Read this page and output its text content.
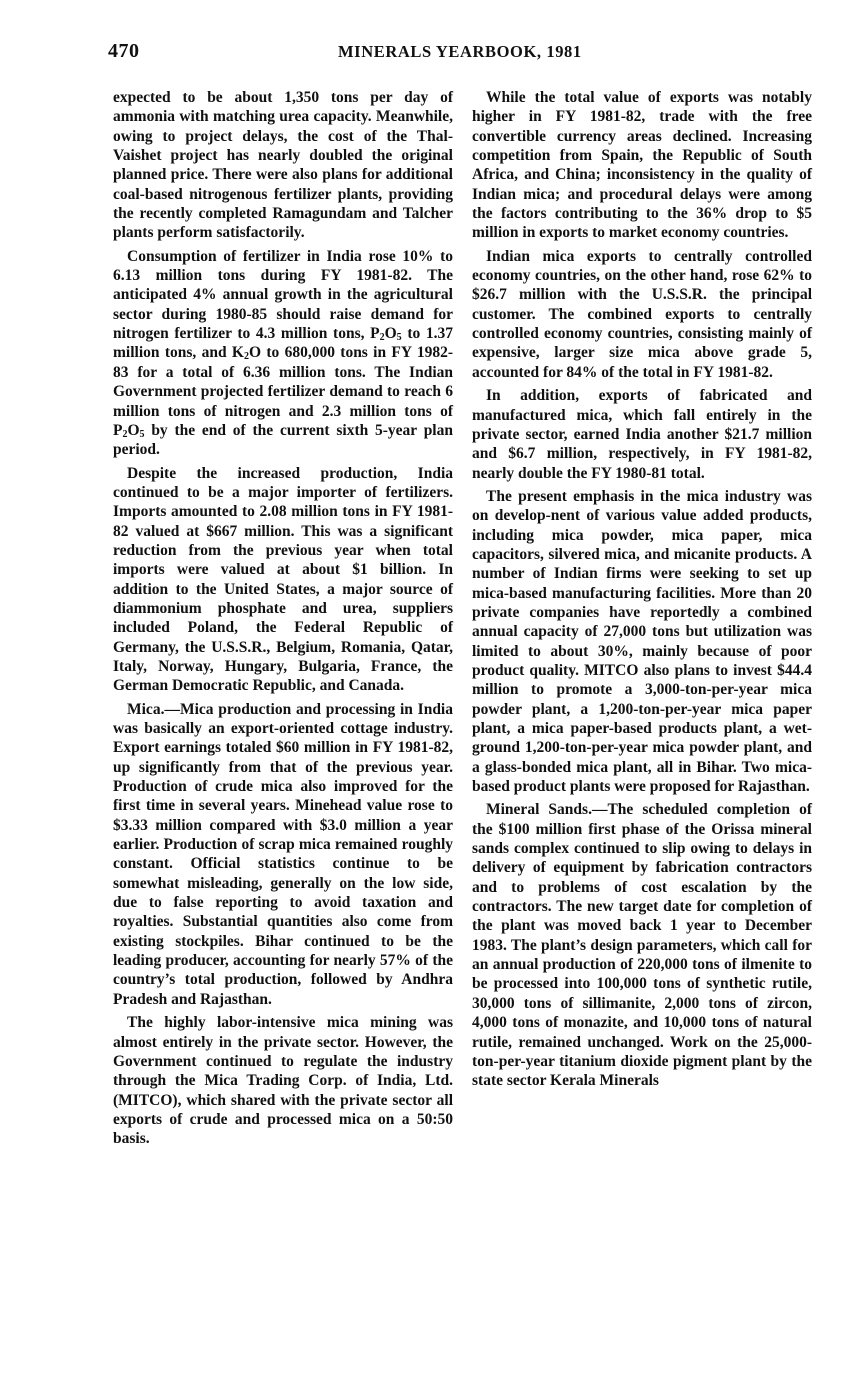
470	MINERALS YEARBOOK, 1981

expected to be about 1,350 tons per day of ammonia with matching urea capacity. Meanwhile, owing to project delays, the cost of the Thal-Vaishet project has nearly doubled the original planned price. There were also plans for additional coal-based nitrogenous fertilizer plants, providing the recently completed Ramagundam and Talcher plants perform satisfactorily.

Consumption of fertilizer in India rose 10% to 6.13 million tons during FY 1981-82. The anticipated 4% annual growth in the agricultural sector during 1980-85 should raise demand for nitrogen fertilizer to 4.3 million tons, $P_2O_5$ to 1.37 million tons, and $K_2O$ to 680,000 tons in FY 1982-83 for a total of 6.36 million tons. The Indian Government projected fertilizer demand to reach 6 million tons of nitrogen and 2.3 million tons of $P_2O_5$ by the end of the current sixth 5-year plan period.

Despite the increased production, India continued to be a major importer of fertilizers. Imports amounted to 2.08 million tons in FY 1981-82 valued at $667 million. This was a significant reduction from the previous year when total imports were valued at about $1 billion. In addition to the United States, a major source of diammonium phosphate and urea, suppliers included Poland, the Federal Republic of Germany, the U.S.S.R., Belgium, Romania, Qatar, Italy, Norway, Hungary, Bulgaria, France, the German Democratic Republic, and Canada.

Mica.—Mica production and processing in India was basically an export-oriented cottage industry. Export earnings totaled $60 million in FY 1981-82, up significantly from that of the previous year. Production of crude mica also improved for the first time in several years. Minehead value rose to $3.33 million compared with $3.0 million a year earlier. Production of scrap mica remained roughly constant. Official statistics continue to be somewhat misleading, generally on the low side, due to false reporting to avoid taxation and royalties. Substantial quantities also come from existing stockpiles. Bihar continued to be the leading producer, accounting for nearly 57% of the country’s total production, followed by Andhra Pradesh and Rajasthan.

The highly labor-intensive mica mining was almost entirely in the private sector. However, the Government continued to regulate the industry through the Mica Trading Corp. of India, Ltd. (MITCO), which shared with the private sector all exports of crude and processed mica on a 50:50 basis.

While the total value of exports was notably higher in FY 1981-82, trade with the free convertible currency areas declined. Increasing competition from Spain, the Republic of South Africa, and China; inconsistency in the quality of Indian mica; and procedural delays were among the factors contributing to the 36% drop to $5 million in exports to market economy countries.

Indian mica exports to centrally controlled economy countries, on the other hand, rose 62% to $26.7 million with the U.S.S.R. the principal customer. The combined exports to centrally controlled economy countries, consisting mainly of expensive, larger size mica above grade 5, accounted for 84% of the total in FY 1981-82.

In addition, exports of fabricated and manufactured mica, which fall entirely in the private sector, earned India another $21.7 million and $6.7 million, respectively, in FY 1981-82, nearly double the FY 1980-81 total.

The present emphasis in the mica industry was on develop-nent of various value added products, including mica powder, mica paper, mica capacitors, silvered mica, and micanite products. A number of Indian firms were seeking to set up mica-based manufacturing facilities. More than 20 private companies have reportedly a combined annual capacity of 27,000 tons but utilization was limited to about 30%, mainly because of poor product quality. MITCO also plans to invest $44.4 million to promote a 3,000-ton-per-year mica powder plant, a 1,200-ton-per-year mica paper plant, a mica paper-based products plant, a wet-ground 1,200-ton-per-year mica powder plant, and a glass-bonded mica plant, all in Bihar. Two mica-based product plants were proposed for Rajasthan.

Mineral Sands.—The scheduled completion of the $100 million first phase of the Orissa mineral sands complex continued to slip owing to delays in delivery of equipment by fabrication contractors and to problems of cost escalation by the contractors. The new target date for completion of the plant was moved back 1 year to December 1983. The plant’s design parameters, which call for an annual production of 220,000 tons of ilmenite to be processed into 100,000 tons of synthetic rutile, 30,000 tons of sillimanite, 2,000 tons of zircon, 4,000 tons of monazite, and 10,000 tons of natural rutile, remained unchanged. Work on the 25,000-ton-per-year titanium dioxide pigment plant by the state sector Kerala Minerals
